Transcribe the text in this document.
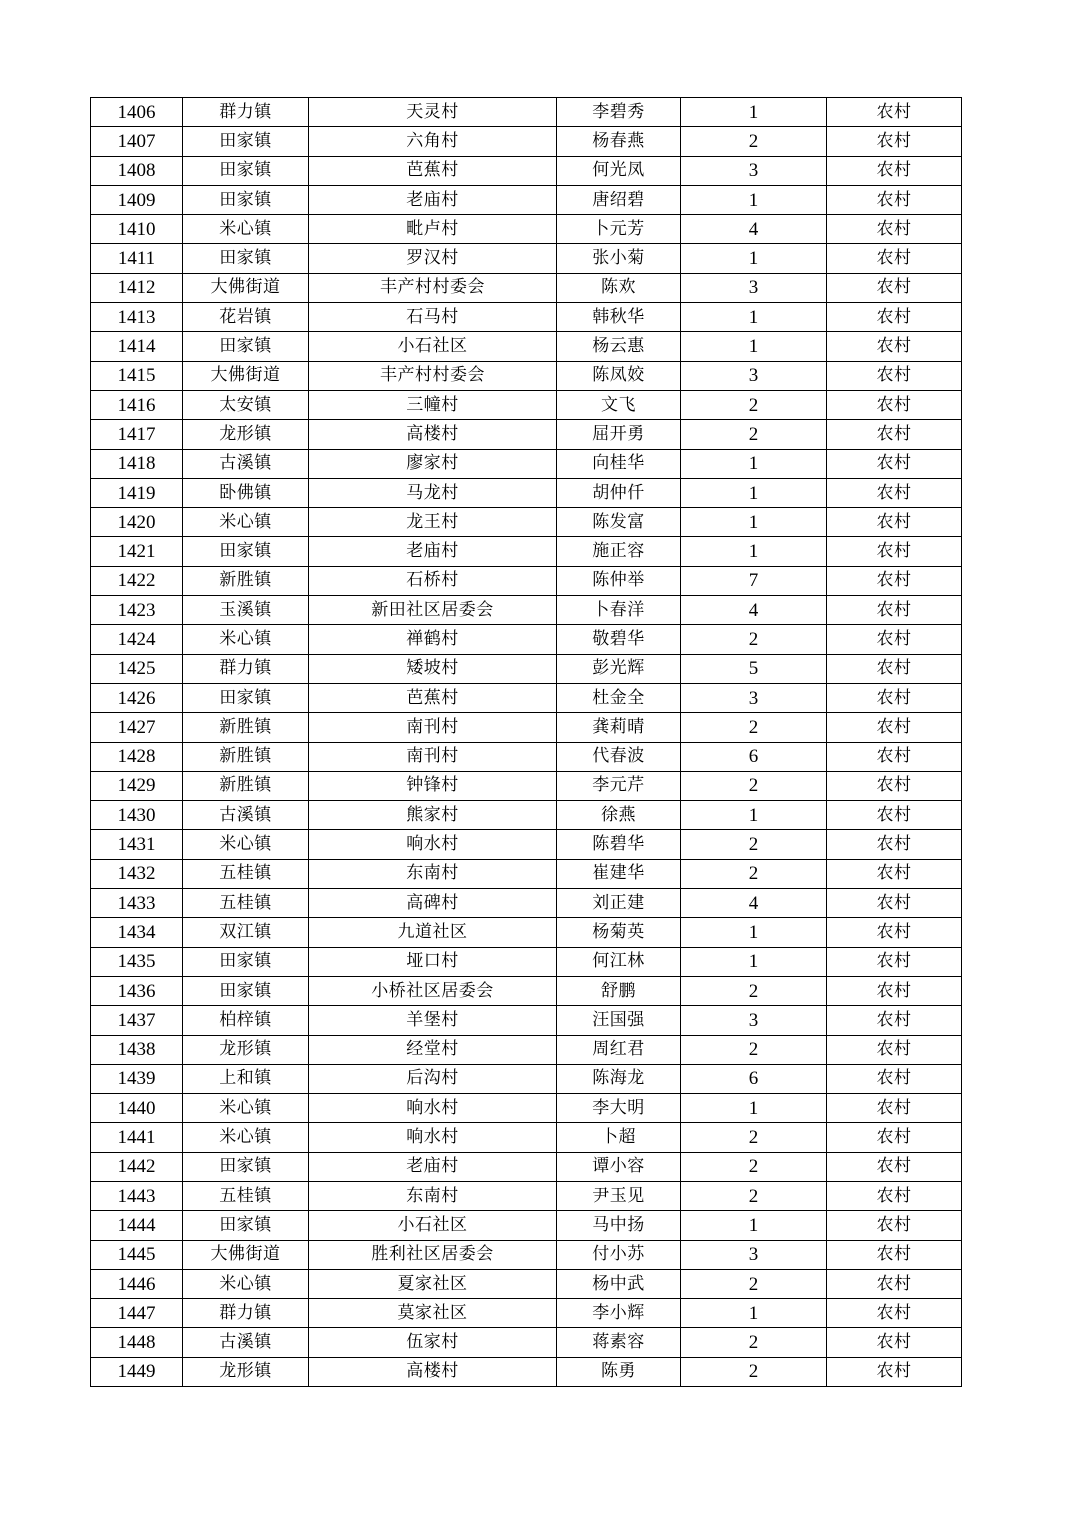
1406	群力镇	天灵村	李碧秀	1	农村
1407	田家镇	六角村	杨春燕	2	农村
1408	田家镇	芭蕉村	何光凤	3	农村
1409	田家镇	老庙村	唐绍碧	1	农村
1410	米心镇	毗卢村	卜元芳	4	农村
1411	田家镇	罗汉村	张小菊	1	农村
1412	大佛街道	丰产村村委会	陈欢	3	农村
1413	花岩镇	石马村	韩秋华	1	农村
1414	田家镇	小石社区	杨云惠	1	农村
1415	大佛街道	丰产村村委会	陈凤姣	3	农村
1416	太安镇	三幢村	文飞	2	农村
1417	龙形镇	高楼村	屈开勇	2	农村
1418	古溪镇	廖家村	向桂华	1	农村
1419	卧佛镇	马龙村	胡仲仟	1	农村
1420	米心镇	龙王村	陈发富	1	农村
1421	田家镇	老庙村	施正容	1	农村
1422	新胜镇	石桥村	陈仲举	7	农村
1423	玉溪镇	新田社区居委会	卜春洋	4	农村
1424	米心镇	禅鹤村	敬碧华	2	农村
1425	群力镇	矮坡村	彭光辉	5	农村
1426	田家镇	芭蕉村	杜金全	3	农村
1427	新胜镇	南刊村	龚莉晴	2	农村
1428	新胜镇	南刊村	代春波	6	农村
1429	新胜镇	钟锋村	李元芹	2	农村
1430	古溪镇	熊家村	徐燕	1	农村
1431	米心镇	响水村	陈碧华	2	农村
1432	五桂镇	东南村	崔建华	2	农村
1433	五桂镇	高碑村	刘正建	4	农村
1434	双江镇	九道社区	杨菊英	1	农村
1435	田家镇	垭口村	何江林	1	农村
1436	田家镇	小桥社区居委会	舒鹏	2	农村
1437	柏梓镇	羊堡村	汪国强	3	农村
1438	龙形镇	经堂村	周红君	2	农村
1439	上和镇	后沟村	陈海龙	6	农村
1440	米心镇	响水村	李大明	1	农村
1441	米心镇	响水村	卜超	2	农村
1442	田家镇	老庙村	谭小容	2	农村
1443	五桂镇	东南村	尹玉见	2	农村
1444	田家镇	小石社区	马中扬	1	农村
1445	大佛街道	胜利社区居委会	付小苏	3	农村
1446	米心镇	夏家社区	杨中武	2	农村
1447	群力镇	莫家社区	李小辉	1	农村
1448	古溪镇	伍家村	蒋素容	2	农村
1449	龙形镇	高楼村	陈勇	2	农村
